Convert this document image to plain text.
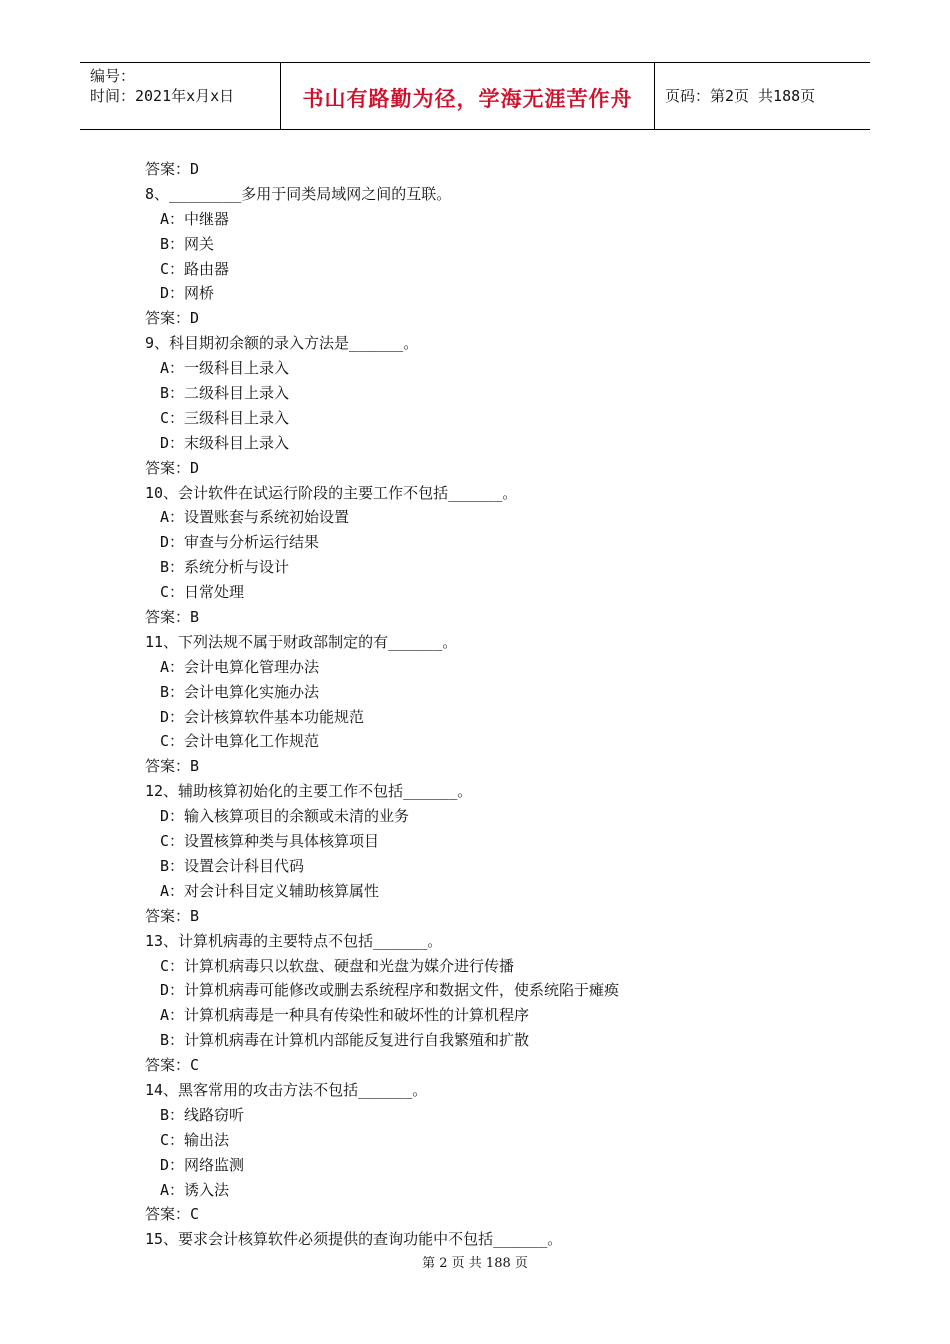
编号：
时间：2021年x月x日	书山有路勤为径，学海无涯苦作舟	页码：第2页 共188页
答案：D
8、________多用于同类局域网之间的互联。
A：中继器
B：网关
C：路由器
D：网桥
答案：D
9、科目期初余额的录入方法是______。
A：一级科目上录入
B：二级科目上录入
C：三级科目上录入
D：末级科目上录入
答案：D
10、会计软件在试运行阶段的主要工作不包括______。
A：设置账套与系统初始设置
D：审查与分析运行结果
B：系统分析与设计
C：日常处理
答案：B
11、下列法规不属于财政部制定的有______。
A：会计电算化管理办法
B：会计电算化实施办法
D：会计核算软件基本功能规范
C：会计电算化工作规范
答案：B
12、辅助核算初始化的主要工作不包括______。
D：输入核算项目的余额或未清的业务
C：设置核算种类与具体核算项目
B：设置会计科目代码
A：对会计科目定义辅助核算属性
答案：B
13、计算机病毒的主要特点不包括______。
C：计算机病毒只以软盘、硬盘和光盘为媒介进行传播
D：计算机病毒可能修改或删去系统程序和数据文件，使系统陷于瘫痪
A：计算机病毒是一种具有传染性和破坏性的计算机程序
B：计算机病毒在计算机内部能反复进行自我繁殖和扩散
答案：C
14、黑客常用的攻击方法不包括______。
B：线路窃听
C：输出法
D：网络监测
A：诱入法
答案：C
15、要求会计核算软件必须提供的查询功能中不包括______。
第 2 页 共 188 页
